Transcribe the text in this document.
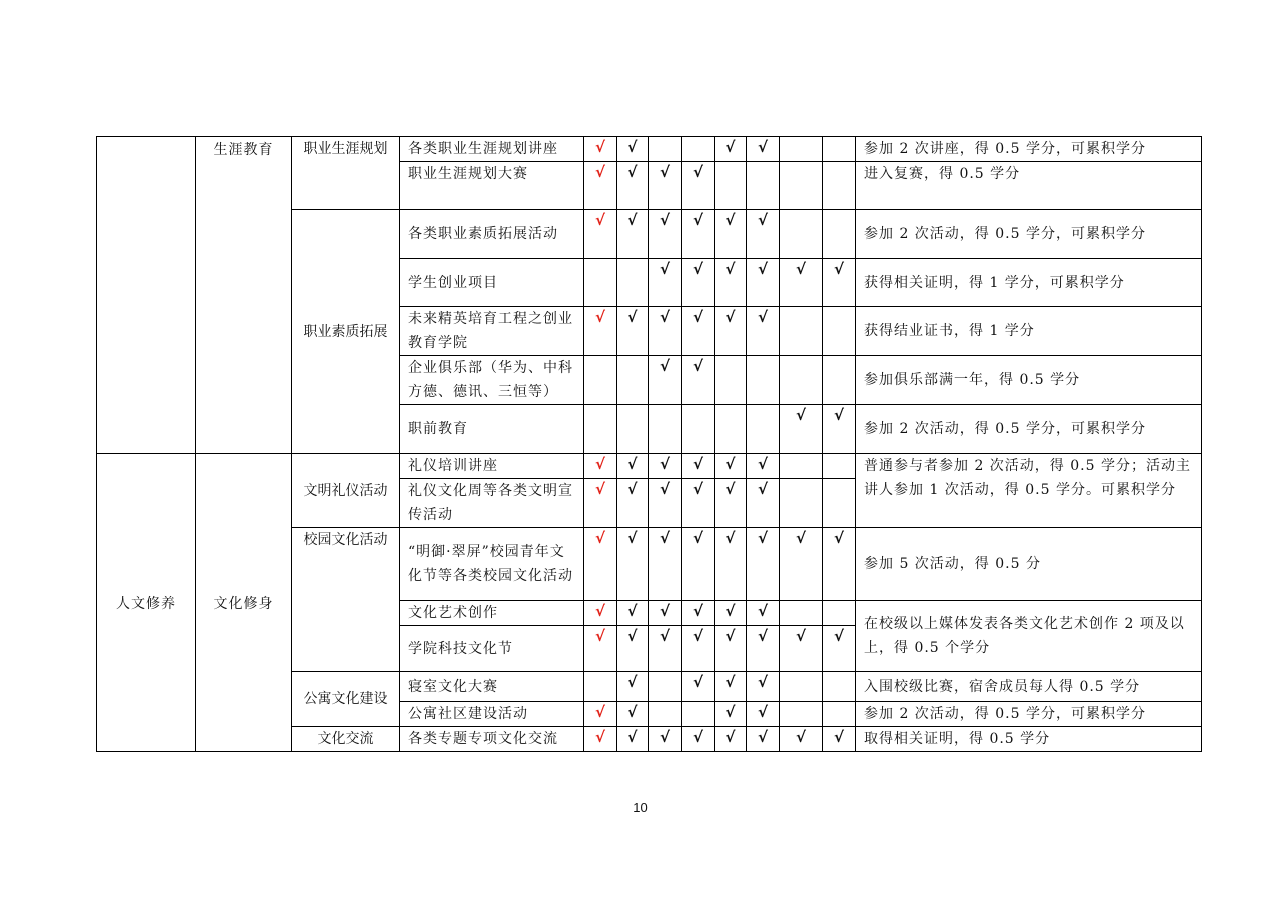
	生涯教育	职业生涯规划	各类职业生涯规划讲座	√	√			√	√			参加 2 次讲座，得 0.5 学分，可累积学分
			职业生涯规划大赛	√	√	√	√					进入复赛，得 0.5 学分

		职业素质拓展	各类职业素质拓展活动	√	√	√	√	√	√			参加 2 次活动，得 0.5 学分，可累积学分
			学生创业项目			√	√	√	√	√	√	获得相关证明，得 1 学分，可累积学分
			未来精英培育工程之创业教育学院	√	√	√	√	√	√			获得结业证书，得 1 学分
			企业俱乐部（华为、中科方德、德讯、三恒等）			√	√					参加俱乐部满一年，得 0.5 学分
			职前教育							√	√	参加 2 次活动，得 0.5 学分，可累积学分
人文修养	文化修身	文明礼仪活动	礼仪培训讲座	√	√	√	√	√	√			普通参与者参加 2 次活动，得 0.5 学分；活动主讲人参加 1 次活动，得 0.5 学分。可累积学分
			礼仪文化周等各类文明宣传活动	√	√	√	√	√	√			

		校园文化活动	“明御·翠屏”校园青年文化节等各类校园文化活动	√	√	√	√	√	√	√	√	参加 5 次活动，得 0.5 分
			文化艺术创作	√	√	√	√	√	√			在校级以上媒体发表各类文化艺术创作 2 项及以上，得 0.5 个学分
			学院科技文化节	√	√	√	√	√	√	√	√	

		公寓文化建设	寝室文化大赛		√		√	√	√			入围校级比赛，宿舍成员每人得 0.5 学分
			公寓社区建设活动	√	√			√	√			参加 2 次活动，得 0.5 学分，可累积学分
		文化交流	各类专题专项文化交流	√	√	√	√	√	√	√	√	取得相关证明，得 0.5 学分
10
